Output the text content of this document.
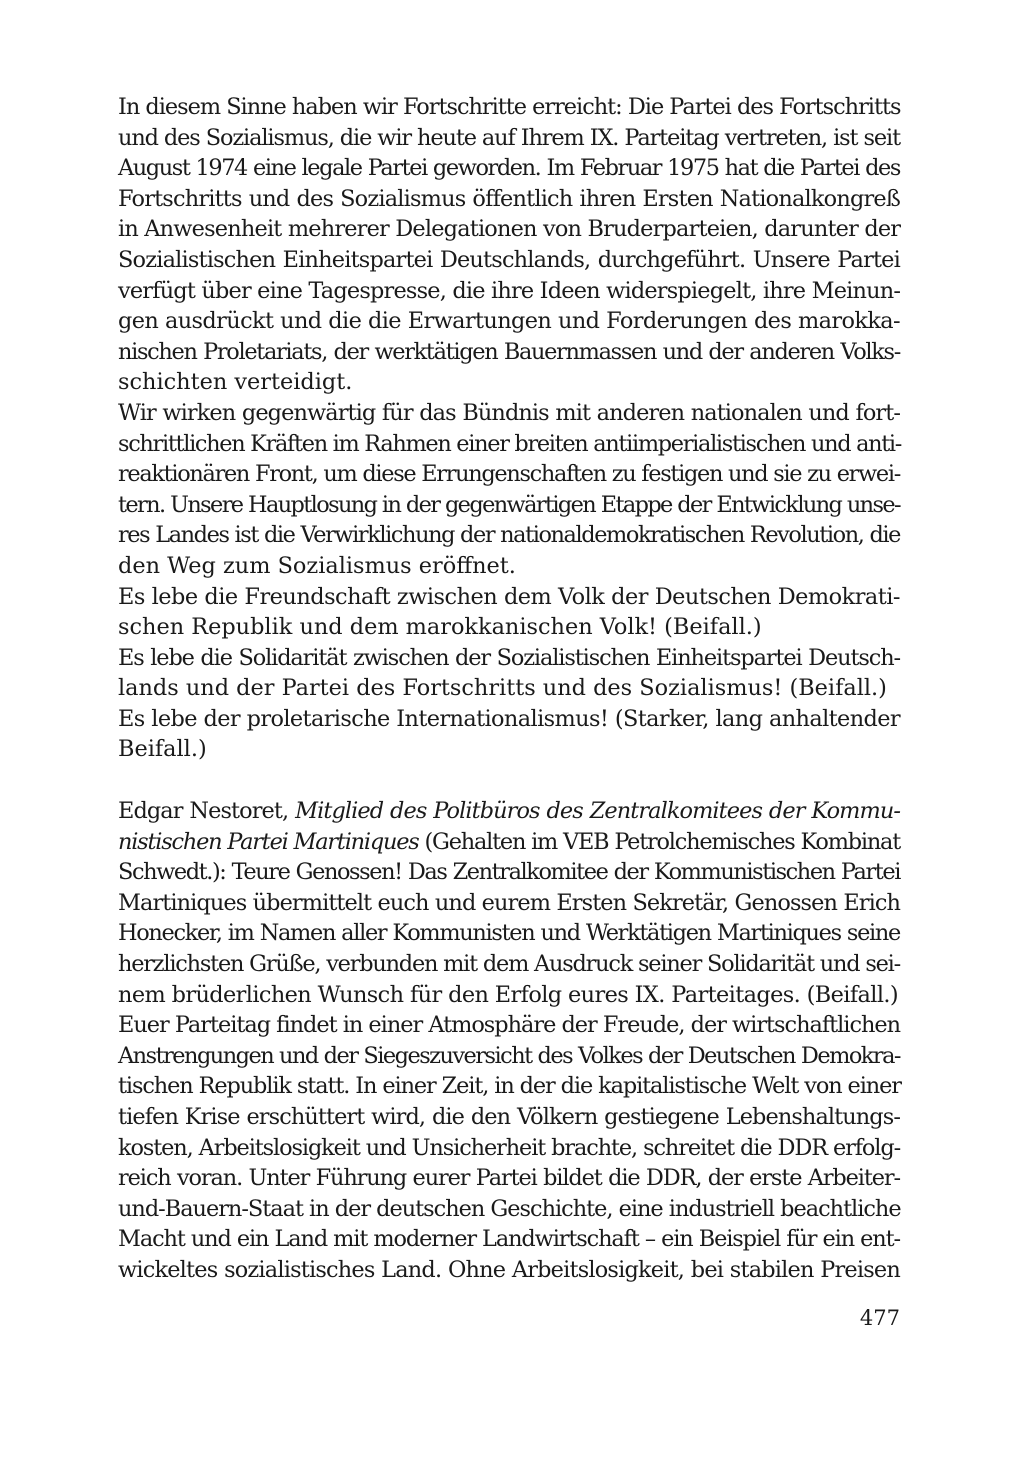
In diesem Sinne haben wir Fortschritte erreicht: Die Partei des Fortschritts
und des Sozialismus, die wir heute auf Ihrem IX. Parteitag vertreten, ist seit
August 1974 eine legale Partei geworden. Im Februar 1975 hat die Partei des
Fortschritts und des Sozialismus öffentlich ihren Ersten Nationalkongreß
in Anwesenheit mehrerer Delegationen von Bruderparteien, darunter der
Sozialistischen Einheitspartei Deutschlands, durchgeführt. Unsere Partei
verfügt über eine Tagespresse, die ihre Ideen widerspiegelt, ihre Meinun-
gen ausdrückt und die die Erwartungen und Forderungen des marokka-
nischen Proletariats, der werktätigen Bauernmassen und der anderen Volks-
schichten verteidigt.
Wir wirken gegenwärtig für das Bündnis mit anderen nationalen und fort-
schrittlichen Kräften im Rahmen einer breiten antiimperialistischen und anti-
reaktionären Front, um diese Errungenschaften zu festigen und sie zu erwei-
tern. Unsere Hauptlosung in der gegenwärtigen Etappe der Entwicklung unse-
res Landes ist die Verwirklichung der nationaldemokratischen Revolution, die
den Weg zum Sozialismus eröffnet.
Es lebe die Freundschaft zwischen dem Volk der Deutschen Demokrati-
schen Republik und dem marokkanischen Volk! (Beifall.)
Es lebe die Solidarität zwischen der Sozialistischen Einheitspartei Deutsch-
lands und der Partei des Fortschritts und des Sozialismus! (Beifall.)
Es lebe der proletarische Internationalismus! (Starker, lang anhaltender
Beifall.)
Edgar Nestoret, Mitglied des Politbüros des Zentralkomitees der Kommu-
nistischen Partei Martiniques (Gehalten im VEB Petrolchemisches Kombinat
Schwedt.): Teure Genossen! Das Zentralkomitee der Kommunistischen Partei
Martiniques übermittelt euch und eurem Ersten Sekretär, Genossen Erich
Honecker, im Namen aller Kommunisten und Werktätigen Martiniques seine
herzlichsten Grüße, verbunden mit dem Ausdruck seiner Solidarität und sei-
nem brüderlichen Wunsch für den Erfolg eures IX. Parteitages. (Beifall.)
Euer Parteitag findet in einer Atmosphäre der Freude, der wirtschaftlichen
Anstrengungen und der Siegeszuversicht des Volkes der Deutschen Demokra-
tischen Republik statt. In einer Zeit, in der die kapitalistische Welt von einer
tiefen Krise erschüttert wird, die den Völkern gestiegene Lebenshaltungs-
kosten, Arbeitslosigkeit und Unsicherheit brachte, schreitet die DDR erfolg-
reich voran. Unter Führung eurer Partei bildet die DDR, der erste Arbeiter-
und-Bauern-Staat in der deutschen Geschichte, eine industriell beachtliche
Macht und ein Land mit moderner Landwirtschaft – ein Beispiel für ein ent-
wickeltes sozialistisches Land. Ohne Arbeitslosigkeit, bei stabilen Preisen
477
